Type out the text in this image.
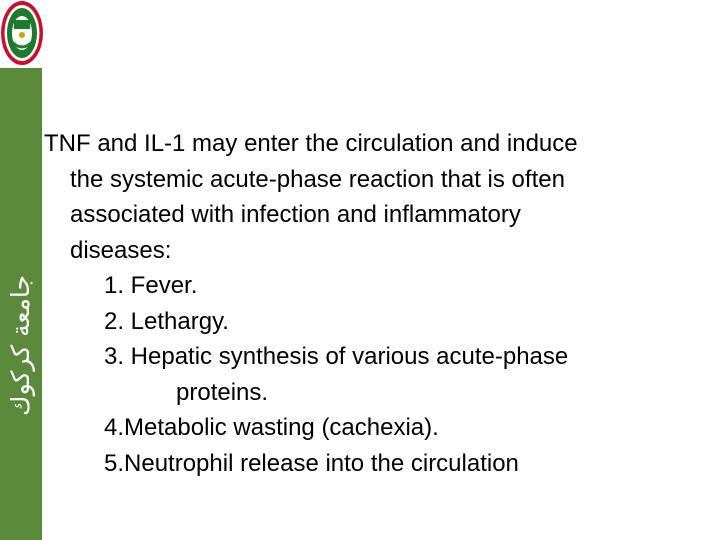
جامعة كركوك
TNF and IL-1 may enter the circulation and induce
the systemic acute-phase reaction that is often
associated with infection and inflammatory
diseases:
1. Fever.
2. Lethargy.
3. Hepatic synthesis of various acute-phase
proteins.
4.Metabolic wasting (cachexia).
5.Neutrophil release into the circulation
